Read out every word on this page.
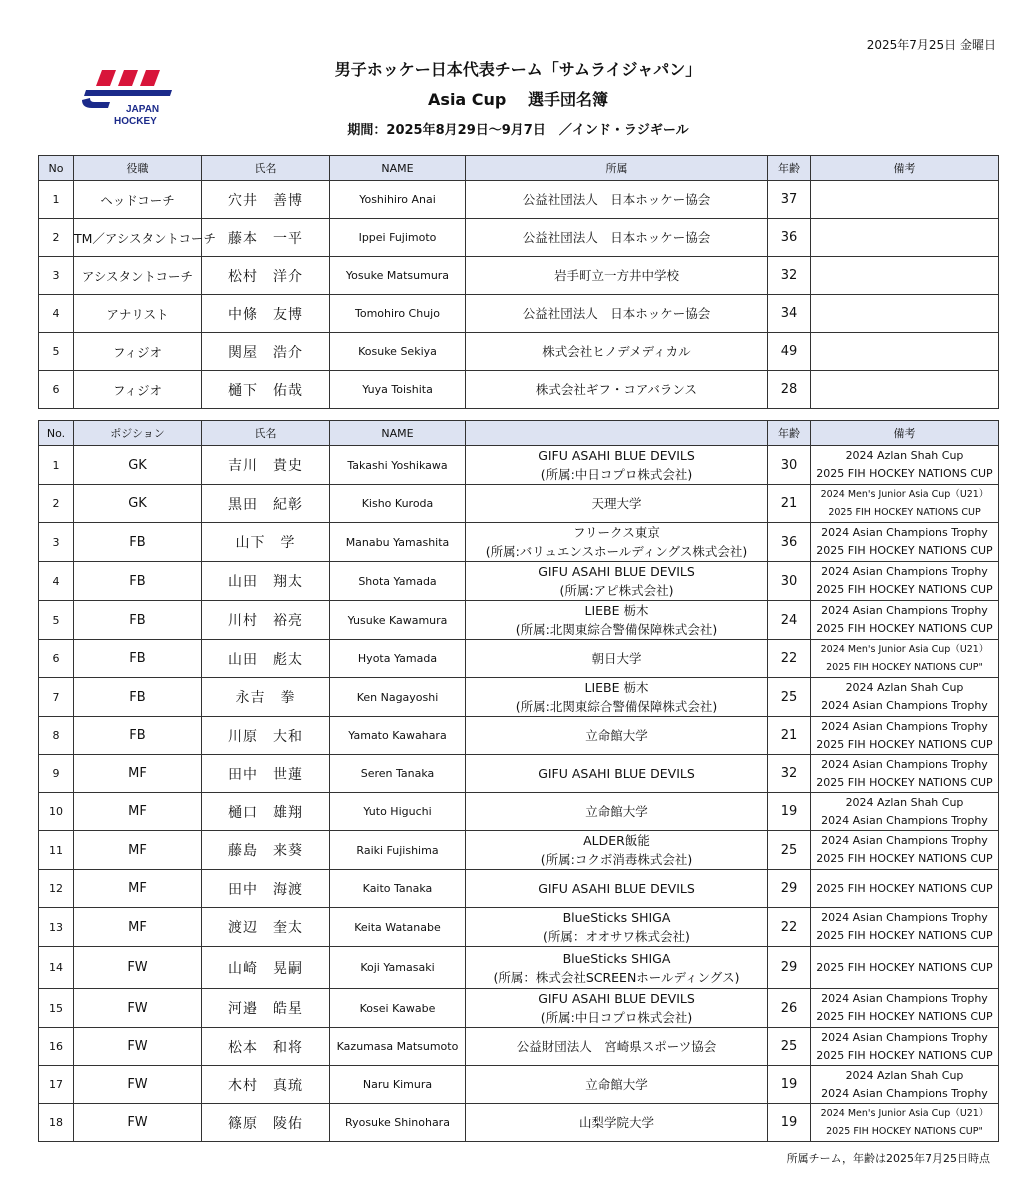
2025年7月25日 金曜日
JAPAN
HOCKEY
男子ホッケー日本代表チーム「サムライジャパン」
Asia Cup　 選手団名簿
期間：2025年8月29日～9月7日　／インド・ラジギール
No	役職	氏名	NAME	所属	年齢	備考
1	ヘッドコーチ	穴井　善博	Yoshihiro Anai	公益社団法人　日本ホッケー協会	37	
2	TM／アシスタントコーチ	藤本　一平	Ippei Fujimoto	公益社団法人　日本ホッケー協会	36	
3	アシスタントコーチ	松村　洋介	Yosuke Matsumura	岩手町立一方井中学校	32	
4	アナリスト	中條　友博	Tomohiro Chujo	公益社団法人　日本ホッケー協会	34	
5	フィジオ	関屋　浩介	Kosuke Sekiya	株式会社ヒノデメディカル	49	
6	フィジオ	樋下　佑哉	Yuya Toishita	株式会社ギフ・コアバランス	28	
No.	ポジション	氏名	NAME		年齢	備考
1	GK	吉川　貴史	Takashi Yoshikawa	GIFU ASAHI BLUE DEVILS
(所属:中日コプロ株式会社)	30	2024 Azlan Shah Cup
2025 FIH HOCKEY NATIONS CUP

2	GK	黒田　紀彰	Kisho Kuroda	天理大学	21	2024 Men's Junior Asia Cup（U21）
2025 FIH HOCKEY NATIONS CUP

3	FB	山下　学	Manabu Yamashita	フリークス東京
(所属:バリュエンスホールディングス株式会社)	36	2024 Asian Champions Trophy
2025 FIH HOCKEY NATIONS CUP

4	FB	山田　翔太	Shota Yamada	GIFU ASAHI BLUE DEVILS
(所属:アピ株式会社)	30	2024 Asian Champions Trophy
2025 FIH HOCKEY NATIONS CUP

5	FB	川村　裕亮	Yusuke Kawamura	LIEBE 栃木
(所属:北関東綜合警備保障株式会社)	24	2024 Asian Champions Trophy
2025 FIH HOCKEY NATIONS CUP

6	FB	山田　彪太	Hyota Yamada	朝日大学	22	2024 Men's Junior Asia Cup（U21）
2025 FIH HOCKEY NATIONS CUP"

7	FB	永吉　拳	Ken Nagayoshi	LIEBE 栃木
(所属:北関東綜合警備保障株式会社)	25	2024 Azlan Shah Cup
2024 Asian Champions Trophy

8	FB	川原　大和	Yamato Kawahara	立命館大学	21	2024 Asian Champions Trophy
2025 FIH HOCKEY NATIONS CUP

9	MF	田中　世蓮	Seren Tanaka	GIFU ASAHI BLUE DEVILS	32	2024 Asian Champions Trophy
2025 FIH HOCKEY NATIONS CUP

10	MF	樋口　雄翔	Yuto Higuchi	立命館大学	19	2024 Azlan Shah Cup
2024 Asian Champions Trophy

11	MF	藤島　来葵	Raiki Fujishima	ALDER飯能
(所属:コクボ消毒株式会社)	25	2024 Asian Champions Trophy
2025 FIH HOCKEY NATIONS CUP

12	MF	田中　海渡	Kaito Tanaka	GIFU ASAHI BLUE DEVILS	29	2025 FIH HOCKEY NATIONS CUP

13	MF	渡辺　奎太	Keita Watanabe	BlueSticks SHIGA
(所属：オオサワ株式会社)	22	2024 Asian Champions Trophy
2025 FIH HOCKEY NATIONS CUP

14	FW	山崎　晃嗣	Koji Yamasaki	BlueSticks SHIGA
(所属：株式会社SCREENホールディングス)	29	2025 FIH HOCKEY NATIONS CUP

15	FW	河邉　皓星	Kosei Kawabe	GIFU ASAHI BLUE DEVILS
(所属:中日コプロ株式会社)	26	2024 Asian Champions Trophy
2025 FIH HOCKEY NATIONS CUP

16	FW	松本　和将	Kazumasa Matsumoto	公益財団法人　宮崎県スポーツ協会	25	2024 Asian Champions Trophy
2025 FIH HOCKEY NATIONS CUP

17	FW	木村　真琉	Naru Kimura	立命館大学	19	2024 Azlan Shah Cup
2024 Asian Champions Trophy

18	FW	篠原　陵佑	Ryosuke Shinohara	山梨学院大学	19	2024 Men's Junior Asia Cup（U21）
2025 FIH HOCKEY NATIONS CUP"
所属チーム，年齢は2025年7月25日時点
